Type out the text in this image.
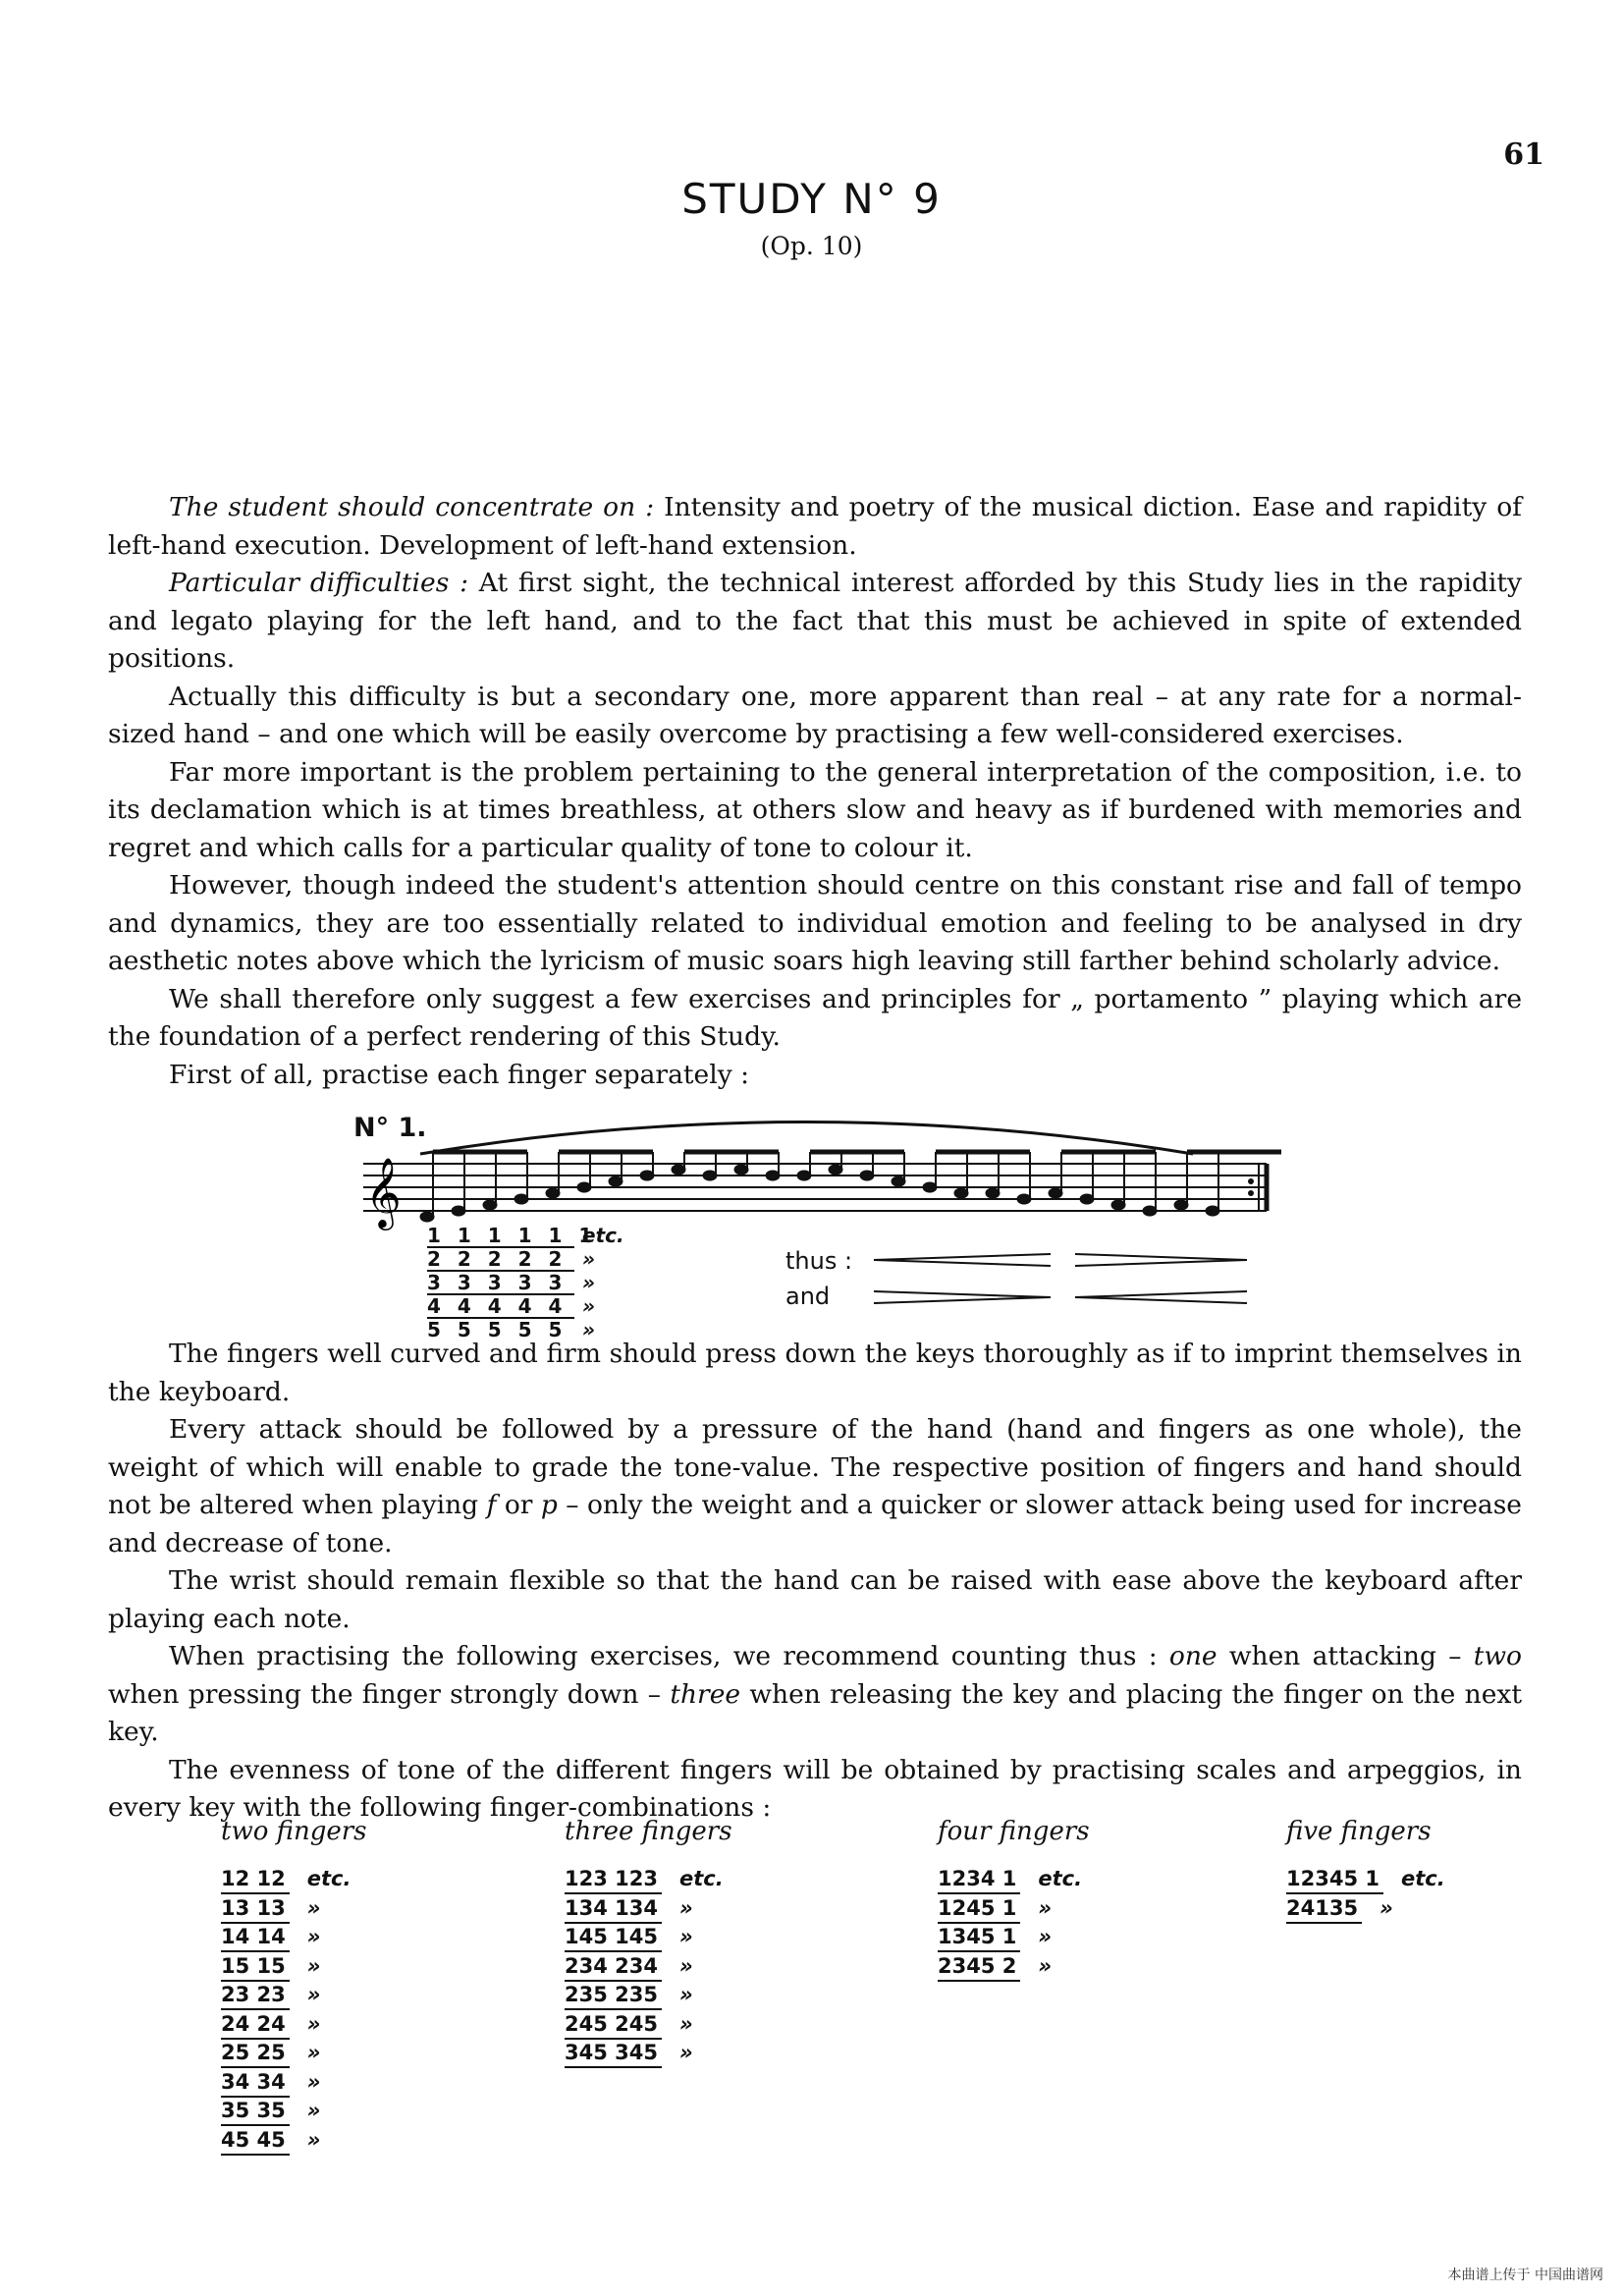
61
STUDY N° 9
(Op. 10)

The student should concentrate on : Intensity and poetry of the musical diction. Ease and rapidity of left-hand execution. Development of left-hand extension.

Particular difficulties : At first sight, the technical interest afforded by this Study lies in the rapidity and legato playing for the left hand, and to the fact that this must be achieved in spite of extended positions.

Actually this difficulty is but a secondary one, more apparent than real – at any rate for a normal-sized hand – and one which will be easily overcome by practising a few well-considered exercises.

Far more important is the problem pertaining to the general interpretation of the composition, i.e. to its declamation which is at times breathless, at others slow and heavy as if burdened with memories and regret and which calls for a particular quality of tone to colour it.

However, though indeed the student's attention should centre on this constant rise and fall of tempo and dynamics, they are too essentially related to individual emotion and feeling to be analysed in dry aesthetic notes above which the lyricism of music soars high leaving still farther behind scholarly advice.

We shall therefore only suggest a few exercises and principles for „ portamento ” playing which are the foundation of a perfect rendering of this Study.

First of all, practise each finger separately :

N° 1.
𝄞
1 1 1 1 1 1etc.
2 2 2 2 2 »
3 3 3 3 3 »
4 4 4 4 4 »
5 5 5 5 5 »
thus :
and

The fingers well curved and firm should press down the keys thoroughly as if to imprint themselves in the keyboard.

Every attack should be followed by a pressure of the hand (hand and fingers as one whole), the weight of which will enable to grade the tone-value. The respective position of fingers and hand should not be altered when playing f or p – only the weight and a quicker or slower attack being used for increase and decrease of tone.

The wrist should remain flexible so that the hand can be raised with ease above the keyboard after playing each note.

When practising the following exercises, we recommend counting thus : one when attacking – two when pressing the finger strongly down – three when releasing the key and placing the finger on the next key.

The evenness of tone of the different fingers will be obtained by practising scales and arpeggios, in every key with the following finger-combinations :

two fingers
12 12 etc.
13 13 »
14 14 »
15 15 »
23 23 »
24 24 »
25 25 »
34 34 »
35 35 »
45 45 »
three fingers
123 123 etc.
134 134 »
145 145 »
234 234 »
235 235 »
245 245 »
345 345 »
four fingers
1234 1 etc.
1245 1 »
1345 1 »
2345 2 »
five fingers
12345 1 etc.
24135 »
本曲谱上传于 中国曲谱网
